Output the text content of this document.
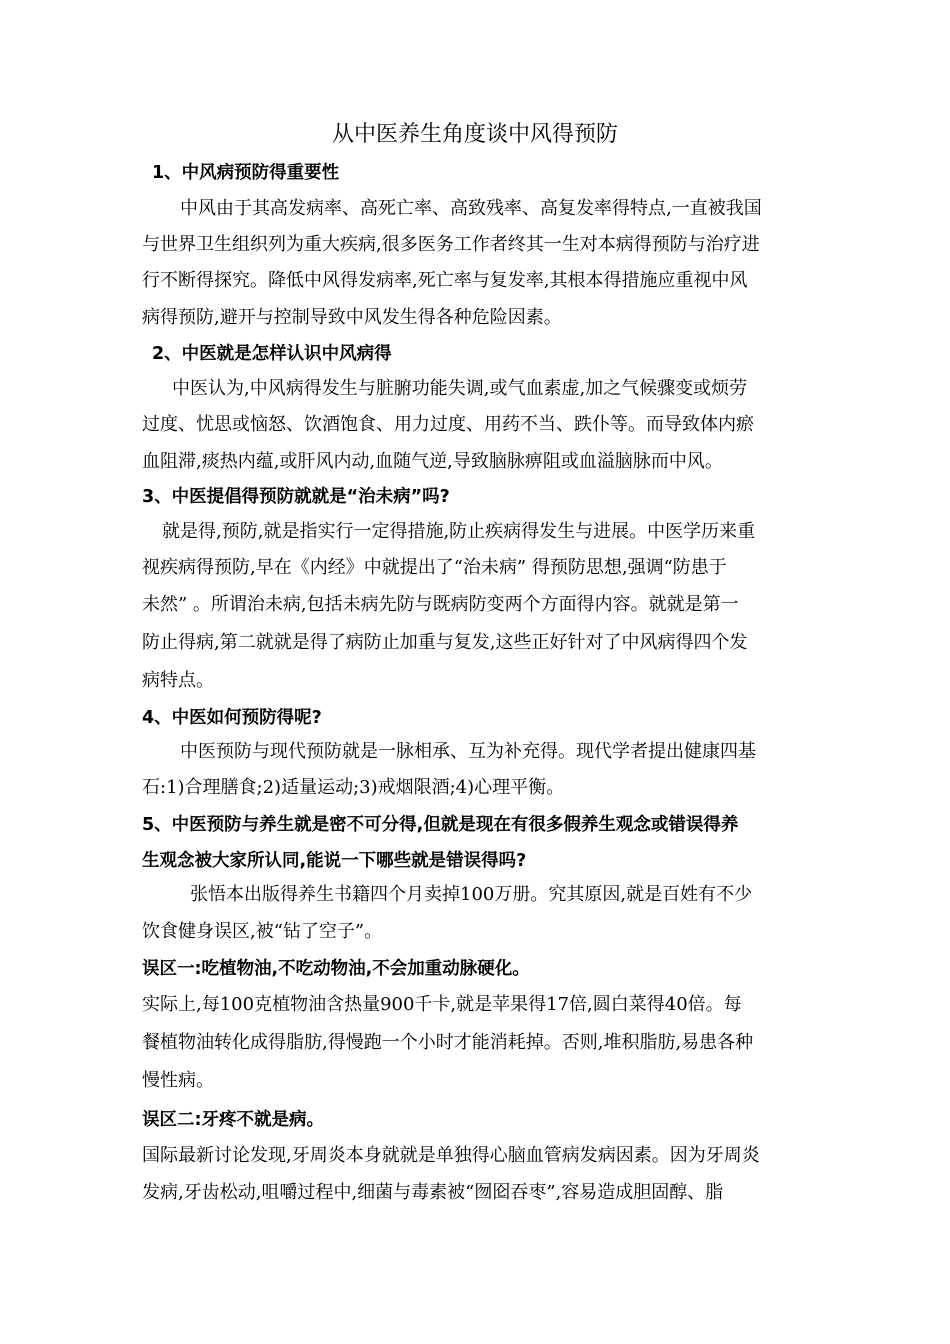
从中医养生角度谈中风得预防
1、中风病预防得重要性
中风由于其高发病率、高死亡率、高致残率、高复发率得特点,一直被我国
与世界卫生组织列为重大疾病,很多医务工作者终其一生对本病得预防与治疗进
行不断得探究。降低中风得发病率,死亡率与复发率,其根本得措施应重视中风
病得预防,避开与控制导致中风发生得各种危险因素。
2、中医就是怎样认识中风病得
中医认为,中风病得发生与脏腑功能失调,或气血素虚,加之气候骤变或烦劳
过度、忧思或恼怒、饮酒饱食、用力过度、用药不当、跌仆等。而导致体内瘀
血阻滞,痰热内蕴,或肝风内动,血随气逆,导致脑脉痹阻或血溢脑脉而中风。
3、中医提倡得预防就就是“治未病”吗?
就是得,预防,就是指实行一定得措施,防止疾病得发生与进展。中医学历来重
视疾病得预防,早在《内经》中就提出了“治未病” 得预防思想,强调“防患于
未然” 。所谓治未病,包括未病先防与既病防变两个方面得内容。就就是第一
防止得病,第二就就是得了病防止加重与复发,这些正好针对了中风病得四个发
病特点。
4、中医如何预防得呢?
中医预防与现代预防就是一脉相承、互为补充得。现代学者提出健康四基
石:1)合理膳食;2)适量运动;3)戒烟限酒;4)心理平衡。
5、中医预防与养生就是密不可分得,但就是现在有很多假养生观念或错误得养
生观念被大家所认同,能说一下哪些就是错误得吗?
张悟本出版得养生书籍四个月卖掉100万册。究其原因,就是百姓有不少
饮食健身误区,被“钻了空子”。
误区一:吃植物油,不吃动物油,不会加重动脉硬化。
实际上,每100克植物油含热量900千卡,就是苹果得17倍,圆白菜得40倍。每
餐植物油转化成得脂肪,得慢跑一个小时才能消耗掉。否则,堆积脂肪,易患各种
慢性病。
误区二:牙疼不就是病。
国际最新讨论发现,牙周炎本身就就是单独得心脑血管病发病因素。因为牙周炎
发病,牙齿松动,咀嚼过程中,细菌与毒素被“囫囵吞枣”,容易造成胆固醇、脂
